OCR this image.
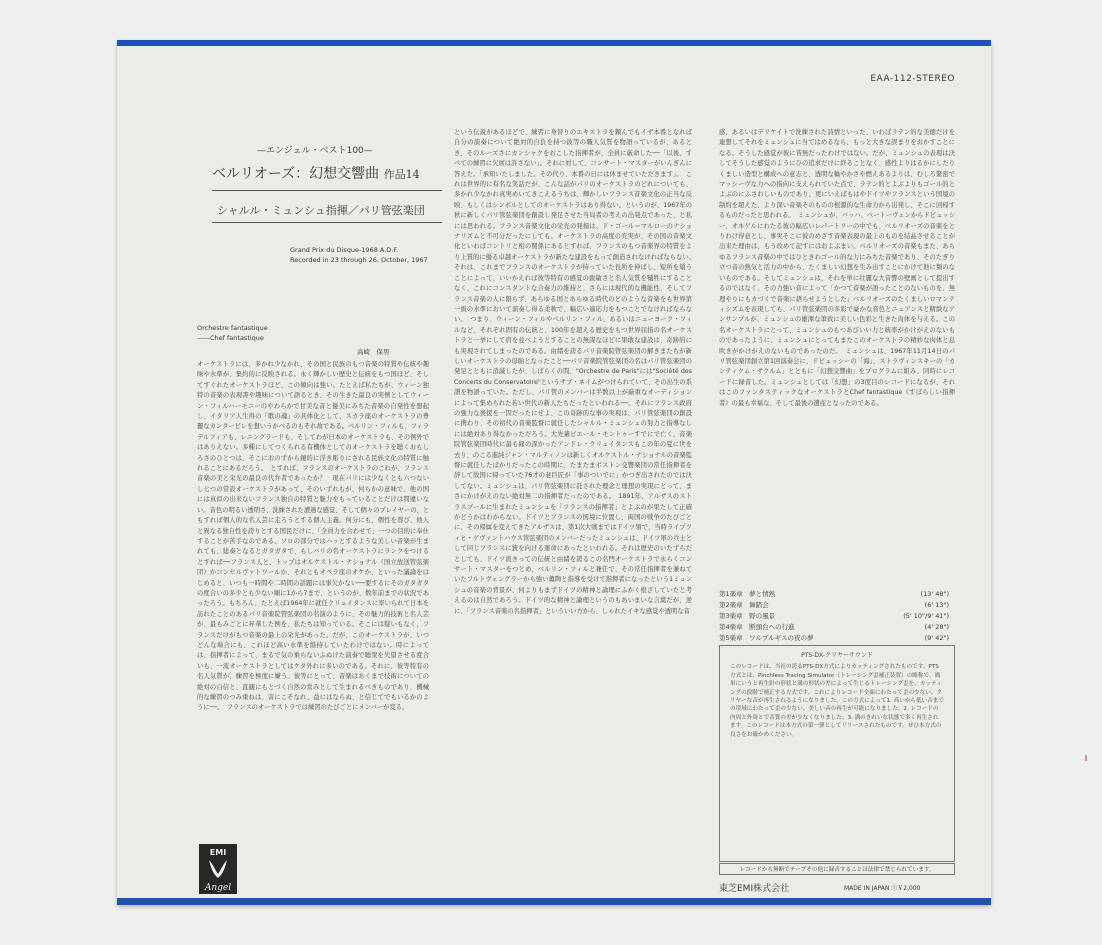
EAA-112-STEREO
—エンジェル・ベスト100—
ベルリオーズ：幻想交響曲 作品14
シャルル・ミュンシュ指揮／パリ管弦楽団
Grand Prix du Disque-1968 A.D.F.
Recorded in 23 through 26, October, 1967
Orchestre fantastique
——Chef fantastique
高崎　保男
オーケストラには、多かれ少なかれ、その国と民族のもつ音楽の特質や伝統や趣味や水準が、集約的に反映される。永く輝かしい歴史と伝統をもつ国ほど、そしてすぐれたオーケストラほど、この傾向は強い。たとえば私たちが、ウィーン独特の音楽の表現書や趣味について語るとき、その生きた最良の実例としてウィーン・フィルハーモニーのやわらかで甘美な音と優美にみちた音楽の自発性を想起し、イタリア人生得の「歌の魂」の具体化として、スカラ座のオーケストラの豊麗なカンタービレを想いうかべるのもそれ故である。ベルリン・フィルも、フィラデルフィアも、レニングラードも、そしてわが日本のオーケストラも、その例外ではありえない。多種にしてつくられる有機体としてのオーケストラを聴くおもしろさのひとつは、そこにおのずから鏡的に浮き彫りにされる民族文化の特質に触れることにあるだろう。　とすれば、フランスのオーケストラのこれが、フランス音楽の美と栄光の最良の代弁者であったか？　現在パリには少なくとも六つないし七つの常設オーケストラがあって、そのいずれもが、何らかの意味で、他の国には真似の出来ないフランス独自の特質と魅力をもっていることだけは間違いない。音色の明るい透明さ、洗練された濃過な感覚、そして個々のプレイヤーの、ともすれば個人的な名人芸に走ろうとする個人主義。何分にも、個性を尊び、他人と異なる独自性を誇りとする国民だけに、「全員力を合わせて」一つの目的に奉仕することが苦手なのである。ソロの部分ではハッとするような美しい音楽が生まれても、総奏となるとガタガタで、もしバリの名オーケストラにランクをつけるとすれば──フランス人と、トップはオルケストル・ナショナル（国立放送管弦楽団）かコンセルヴァトワールか、それともオペラ座のオケか、といった議論をはじめると、いつも一時間や二時間の話題には事欠かない──要するにそのガタガタの度合いの多少とも少ない順に1から7まで、というのが、数年前までの状況であったろう。もちろん、たとえば1964年に就任クリュイタンスに率いられて日本を訪れたことのあるパリ音楽院管弦楽団の名演のように、その魅力的技術と名人芸が、最もみごとに昇華した例を、私たちは知っている。そこには疑いもなく、フランスだけがもつ音楽の最上の栄光があった。だが、このオーケストラが、いつどんな場合にも、これほど高い水準を維持していたわけではない。時によっては、指揮者によって、まるで気の乗らないふぬけた演奏で聴衆を失望させる度合いも、一流オーケストラとしてはケタ外れに多いのである。それに、彼等特有の名人気質が、練習を極度に嫌う。彼等にとって、音楽はあくまで技術についての絶対の自信と、直観にもとづく自然の営みとして生まれるべきものであり、機械的な練習のつみ重ねは、害にこそなれ、益にはならぬ、と信じてでもいるかのように──。　フランスのオーケストラでは練習のたびごとにメンバーが変る。
という伝説があるほどで、練習に身替りのエキストラを頼んでもイザ本番となれば自分の演奏について絶対的自負を持つ彼等の職人気質を物語っているが、あるとき、そのルーズさにカンシャクをおこした指揮者が、全員に厳命した──「以後、すべての練習に欠席は許さない」。それに対して、コンサート・マスターがいんぎんに答えた。「承知いたしました。その代り、本番の日には休ませていただきます」。　これは世界的に有名な笑話だが、こんな話がパリのオーケストラのどれについても、多かれ少なかれ真実めいてきこえるうちは、輝かしいフランス音楽文化の正当な反映、もしくはシンボルとしてのオーケストラはあり得ない。というのが、1967年の秋に新しくパリ管弦楽団を創設し発足させた当局者の考えの出発点であった、と私には思われる。フランス音楽文化の栄光の発揚は、ド・ゴール＝マルローのナショナリズムと不可分だったにしても、オーケストラの高度の充実が、その国の音楽文化といわばコントリと相の関係にあるとすれば、フランスのもつ音楽界の特質をより上質的に優る卓越オーケストラが新たな建設をもって創造されなければならない。　それは、これまでフランスのオーケストラが持っていた長所を伸ばし、短所を矯うことによって、いいかえれば彼等特有の感覚の鋭敏さと名人気質を犠牲にすることなく、これにコンスタントな合奏力の維持と、さらには現代的な機能性、そしてフランス音楽の人に限らず、あらゆる国とあらゆる時代のどのような音楽をも世界第一級の水準において演奏し得る柔軟で、幅広い適応力をもつことでなければならない。　つまり、ウィーン・フィルやベルリン・フィル、あるいはニューヨーク・フィルなど、それぞれ固有の伝統と、100年を超える歴史をもつ世界屈指の名オーケストラと一挙にして肩を並べようとすることの無謀なほどに果敢な建設は、奇跡的にも実現されてしまったのである。由緒を誇るパリ音楽院管弦楽団の解きまたちが新しいオーケストラの母胎となったこと──パリ音楽院管弦楽団の名はパリ管弦楽団の発足とともに消滅したが、しばらくの間、"Orchestre de Paris"には"Société des Concerts du Conservatoire"というサブ・ネイムがつけられていて、その出生の系譜を物語っていた。ただし、パリ管のメンバーは半数以上が厳重なオーディションによって集められた若い世代の新人たちだったといわれる──。それにフランス政府の強力な後援を一因だったにせよ、この奇跡的な事の実現は、パリ管弦楽団の創設に携わり、その初代の音楽監督に就任したシャルル・ミュンシュの努力と指導なしには絶対あり得なかっただろう。大先輩ピエール・モントゥーすでにで亡く、音楽院管弦楽団時代に最も縁の深かったアンドレ・クリュイタンスもこの年の夏に世を去り、のこる進純ジャン・マルティノンは新しくオルケストル・ナショナルの音楽監督に就任したばかりだったこの時期に、たまたまボストン交響楽団の常任指揮者を辞して故国に帰っていた76才の老巨匠が「事のついでに」かつぎ出されたのでは決してない。ミュンシュは、パリ管弦楽団に託された理念と理想の実現にとって、まさにかけがえのない絶対無二の指揮者だったのである。　1891年、アルザスのストラスブールに生まれたミュンシュを「フランスの指揮者」とよぶのが果たして正確かどうかはわからない。ドイツとフランスの国境に位置し、両国の戦争のたびごとに、その帰属を変えてきたアルザスは、第1次大戦まではドイツ領で、当時ライプツィヒ・ゲヴァントハウス管弦楽団のメンバーだったミュンシュは、ドイツ軍の兵士として同じフランスに銃を向ける運命にあったといわれる。それは歴史のいたずらだとしても、ドイツ流きっての伝統と由緒を誇るこの名門オーケストラで永らくコンサート・マスターをつとめ、ベルリン・フィルと兼任で、その常任指揮者を兼ねていたフルトヴェングラーから強い薫陶と指導を受けて指揮者になったという1ミュンシュの音楽の背景が、何よりもまずドイツの精神と論理にふかく根ざしていたと考えるのは自然であろう。ドイツ的な精神と論理というのもあいまいな言葉だが、逆に、「フランス音楽の名指揮者」といういい方から、しゃれたイキな感覚や透明な音
感、あるいはデリケイトで洗練された詩情といった、いわばラテン的な美徳だけを連想してそれをミュンシュに当てはめるなら、もっと大きな誤まりをおかすことになる。そうした感覚が彼に皆無だったわけではない。だが、ミュンシュの表現は決してそうした感覚のようにひの追求だけに終ることなく、感性よりはるかにしたりくましい造型と構成への意志と、透明な輪やかさや燃えあるよりは、むしろ緊密でマッシーヴな力への指向に支えられていた点で、ラテン的とよぶよりもゴール的とよぶのにふさわしいものであり、更にいえばもはやドイツやフランスという国境の制約を超えた、より深い音楽そのものの根源的な生命力から出発し、そこに回帰するものだったと思われる。　ミュンシュが、バッハ、ベートーヴェンからドビュッシー、オネゲルにわたる彼の幅広いレパートリーの中でも、ベルリオーズの音楽をとりわけ得意とし、事実そこに彼のめざす音楽表現の最上のものを結晶させることが出来た理由は、もう改めて記すにはおよぶまい。ベルリオーズの音楽もまた、あらゆるフランス音楽の中ではひときわゴール的な力にみちた音楽であり、そのたぎり立つ音の熱気と活力の中から、たくましい幻想を生み出すことにかけて他に類のないものである。そしてミュンシュは、それを単に壮麗な大音響の壁画として提出するのではなく、その力強い音によって「かつて音楽が語ったことのないものを、無理やりにもカづくで音楽に語らせようとした」ベルリオーズのたくましいロマンティシズムを表現しても、パリ管弦楽団の多彩で豪かな音色とニュアンスと精緻なアンサンブルが、ミュンシュの雄渾な筆致に美しい色彩と生きた肉体を与える。この名オーケストラにとって、ミュンシュのもつあびいい力と統率がかけがえのないものであったように、ミュンシュにとってもまたこのオーケストラの精妙な肉体と息吹きがかけがえのないものであったのだ。　ミュンシュは、1967年11月14日のパリ管弦楽団創立第1回演奏会に、ドビュッシーの「海」、ストラヴィンスキーの「カンティクム・サクルム」とともに「幻想交響曲」をプログラムに組み、同時にレコードに録音した。ミュンシュとしては「幻想」の3度目のレコードになるが、それはこのファンタスティックなオーケストラとChef fantastique《すばらしい指揮者》の最も幸福な、そして最後の遺産となったのである。
第1楽章　夢と情熱	(13' 48")
第2楽章　舞踏会	(6' 13")
第3楽章　野の風景	(5' 10"/9' 41")
第4楽章　断頭台への行進	(4' 28")
第5楽章　ワルプルギスの夜の夢	(9' 42")
PTS-DX-クリヤーサウンド
このレコードは、当社の誇るPTS-DX方式によりカッティングされたものです。PTS方式とは、Pinchless Tracing Simulator（トレーシング歪補正装置）の略称で、簡単にいうと再生針の形状と溝の形状の差によって生じるトレーシング歪を、カッティングの段階で補正する方式です。これによりレコード全面にわたって歪の少ない、クリヤーな音が再生されるようになりました。この方式によって1. 高いから低い音までの帯域にわたって歪の少ない、美しい音の再生が可能になりました。2. レコードの内周と外周とで音質の差が少なくなりました。3. 溝のきれいな状態で多く再生されます。このレコードは本方式の第一弾としてリリースされたものです。ぜひ本方式の良さをお確かめください。
レコードから無断でテープその他に録音することは法律で禁じられています。
東芝EMI株式会社	MADE IN JAPAN ⓡ￥2,000
EMI
Angel
